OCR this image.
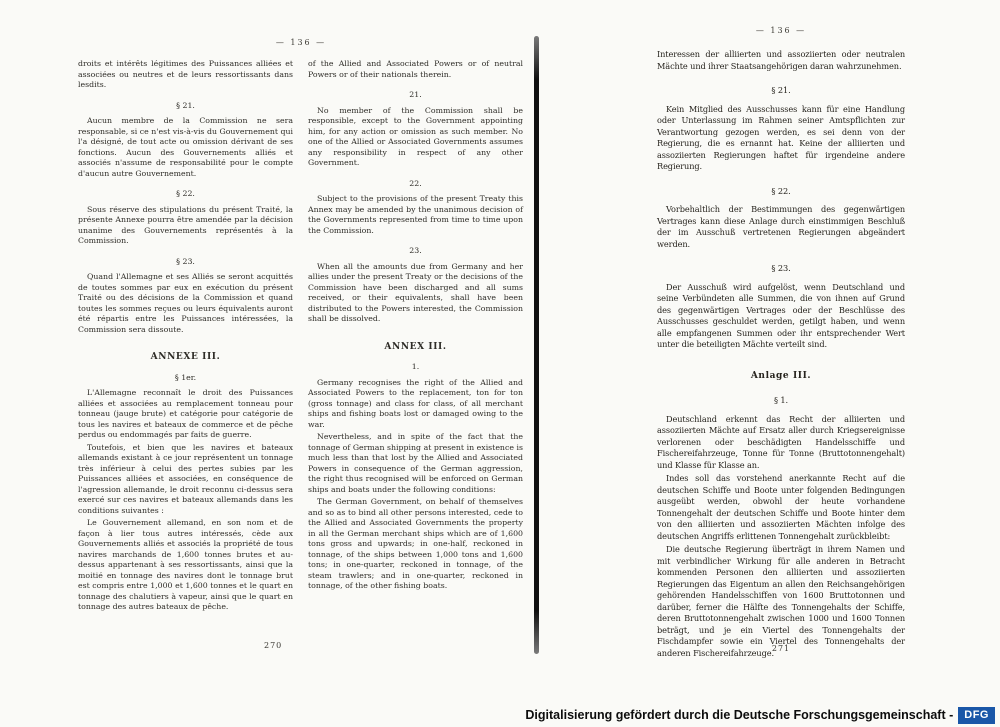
— 136 —
droits et intérêts légitimes des Puissances alliées et associées ou neutres et de leurs ressortissants dans lesdits.
§ 21.
Aucun membre de la Commission ne sera responsable, si ce n'est vis-à-vis du Gouvernement qui l'a désigné, de tout acte ou omission dérivant de ses fonctions. Aucun des Gouvernements alliés et associés n'assume de responsabilité pour le compte d'aucun autre Gouvernement.
§ 22.
Sous réserve des stipulations du présent Traité, la présente Annexe pourra être amendée par la décision unanime des Gouvernements représentés à la Commission.
§ 23.
Quand l'Allemagne et ses Alliés se seront acquittés de toutes sommes par eux en exécution du présent Traité ou des décisions de la Commission et quand toutes les sommes reçues ou leurs équivalents auront été répartis entre les Puissances intéressées, la Commission sera dissoute.
ANNEXE III.
§ 1er.
L'Allemagne reconnaît le droit des Puissances alliées et associées au remplacement tonneau pour tonneau (jauge brute) et catégorie pour catégorie de tous les navires et bateaux de commerce et de pêche perdus ou endommagés par faits de guerre.
Toutefois, et bien que les navires et bateaux allemands existant à ce jour représentent un tonnage très inférieur à celui des pertes subies par les Puissances alliées et associées, en conséquence de l'agression allemande, le droit reconnu ci-dessus sera exercé sur ces navires et bateaux allemands dans les conditions suivantes :
Le Gouvernement allemand, en son nom et de façon à lier tous autres intéressés, cède aux Gouvernements alliés et associés la propriété de tous navires marchands de 1,600 tonnes brutes et au-dessus appartenant à ses ressortissants, ainsi que la moitié en tonnage des navires dont le tonnage brut est compris entre 1,000 et 1,600 tonnes et le quart en tonnage des chalutiers à vapeur, ainsi que le quart en tonnage des autres bateaux de pêche.
of the Allied and Associated Powers or of neutral Powers or of their nationals therein.
21.
No member of the Commission shall be responsible, except to the Government appointing him, for any action or omission as such member. No one of the Allied or Associated Governments assumes any responsibility in respect of any other Government.
22.
Subject to the provisions of the present Treaty this Annex may be amended by the unanimous decision of the Governments represented from time to time upon the Commission.
23.
When all the amounts due from Germany and her allies under the present Treaty or the decisions of the Commission have been discharged and all sums received, or their equivalents, shall have been distributed to the Powers interested, the Commission shall be dissolved.
ANNEX III.
1.
Germany recognises the right of the Allied and Associated Powers to the replacement, ton for ton (gross tonnage) and class for class, of all merchant ships and fishing boats lost or damaged owing to the war.
Nevertheless, and in spite of the fact that the tonnage of German shipping at present in existence is much less than that lost by the Allied and Associated Powers in consequence of the German aggression, the right thus recognised will be enforced on German ships and boats under the following conditions:
The German Government, on behalf of themselves and so as to bind all other persons interested, cede to the Allied and Associated Governments the property in all the German merchant ships which are of 1,600 tons gross and upwards; in one-half, reckoned in tonnage, of the ships between 1,000 tons and 1,600 tons; in one-quarter, reckoned in tonnage, of the steam trawlers; and in one-quarter, reckoned in tonnage, of the other fishing boats.
270
— 136 —
Interessen der alliierten und assoziierten oder neutralen Mächte und ihrer Staatsangehörigen daran wahrzunehmen.
§ 21.
Kein Mitglied des Ausschusses kann für eine Handlung oder Unterlassung im Rahmen seiner Amtspflichten zur Verantwortung gezogen werden, es sei denn von der Regierung, die es ernannt hat. Keine der alliierten und assoziierten Regierungen haftet für irgendeine andere Regierung.
§ 22.
Vorbehaltlich der Bestimmungen des gegenwärtigen Vertrages kann diese Anlage durch einstimmigen Beschluß der im Ausschuß vertretenen Regierungen abgeändert werden.
§ 23.
Der Ausschuß wird aufgelöst, wenn Deutschland und seine Verbündeten alle Summen, die von ihnen auf Grund des gegenwärtigen Vertrages oder der Beschlüsse des Ausschusses geschuldet werden, getilgt haben, und wenn alle empfangenen Summen oder ihr entsprechender Wert unter die beteiligten Mächte verteilt sind.
Anlage III.
§ 1.
Deutschland erkennt das Recht der alliierten und assoziierten Mächte auf Ersatz aller durch Kriegsereignisse verlorenen oder beschädigten Handelsschiffe und Fischereifahrzeuge, Tonne für Tonne (Bruttotonnengehalt) und Klasse für Klasse an.
Indes soll das vorstehend anerkannte Recht auf die deutschen Schiffe und Boote unter folgenden Bedingungen ausgeübt werden, obwohl der heute vorhandene Tonnengehalt der deutschen Schiffe und Boote hinter dem von den alliierten und assoziierten Mächten infolge des deutschen Angriffs erlittenen Tonnengehalt zurückbleibt:
Die deutsche Regierung überträgt in ihrem Namen und mit verbindlicher Wirkung für alle anderen in Betracht kommenden Personen den alliierten und assoziierten Regierungen das Eigentum an allen den Reichsangehörigen gehörenden Handelsschiffen von 1600 Bruttotonnen und darüber, ferner die Hälfte des Tonnengehalts der Schiffe, deren Bruttotonnengehalt zwischen 1000 und 1600 Tonnen beträgt, und je ein Viertel des Tonnengehalts der Fischdampfer sowie ein Viertel des Tonnengehalts der anderen Fischereifahrzeuge.
271
Digitalisierung gefördert durch die Deutsche Forschungsgemeinschaft -	DFG
